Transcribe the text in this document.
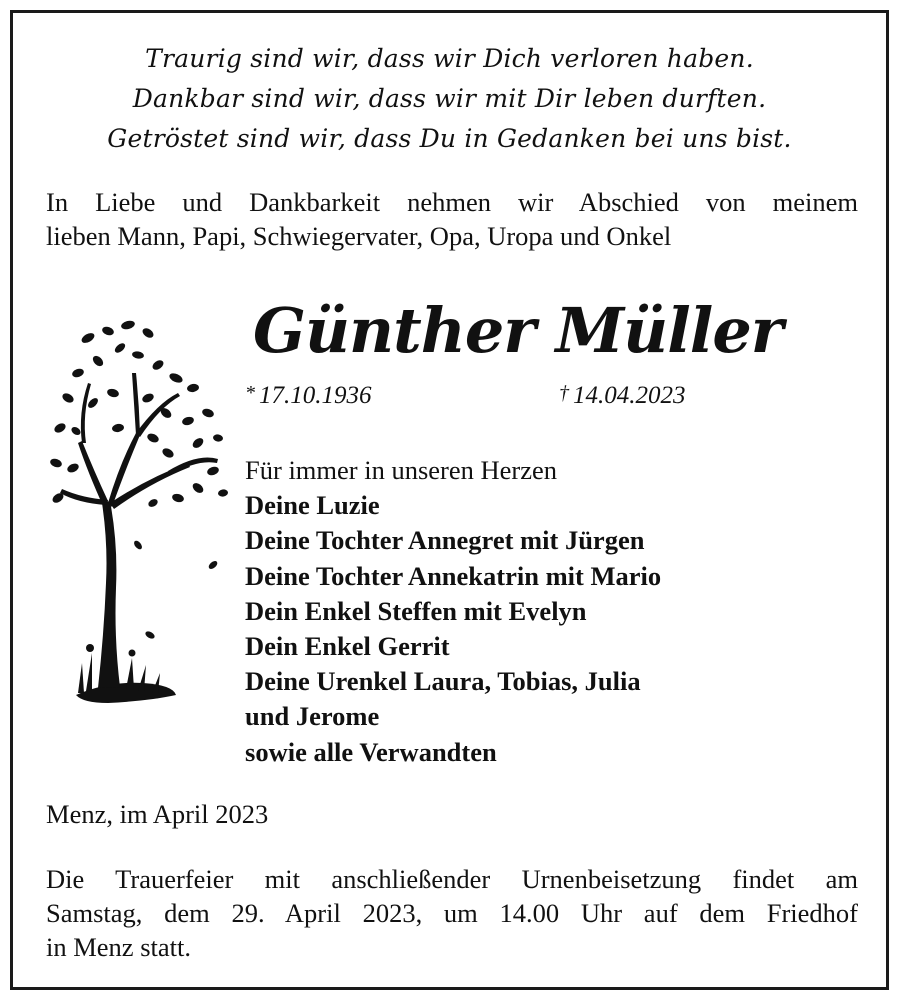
Traurig sind wir, dass wir Dich verloren haben.
Dankbar sind wir, dass wir mit Dir leben durften.
Getröstet sind wir, dass Du in Gedanken bei uns bist.
In Liebe und Dankbarkeit nehmen wir Abschied von meinem
lieben Mann, Papi, Schwiegervater, Opa, Uropa und Onkel
Günther Müller
* 17.10.1936	† 14.04.2023
Für immer in unseren Herzen
Deine Luzie
Deine Tochter Annegret mit Jürgen
Deine Tochter Annekatrin mit Mario
Dein Enkel Steffen mit Evelyn
Dein Enkel Gerrit
Deine Urenkel Laura, Tobias, Julia
und Jerome
sowie alle Verwandten
Menz, im April 2023
Die Trauerfeier mit anschließender Urnenbeisetzung findet am
Samstag, dem 29. April 2023, um 14.00 Uhr auf dem Friedhof
in Menz statt.
